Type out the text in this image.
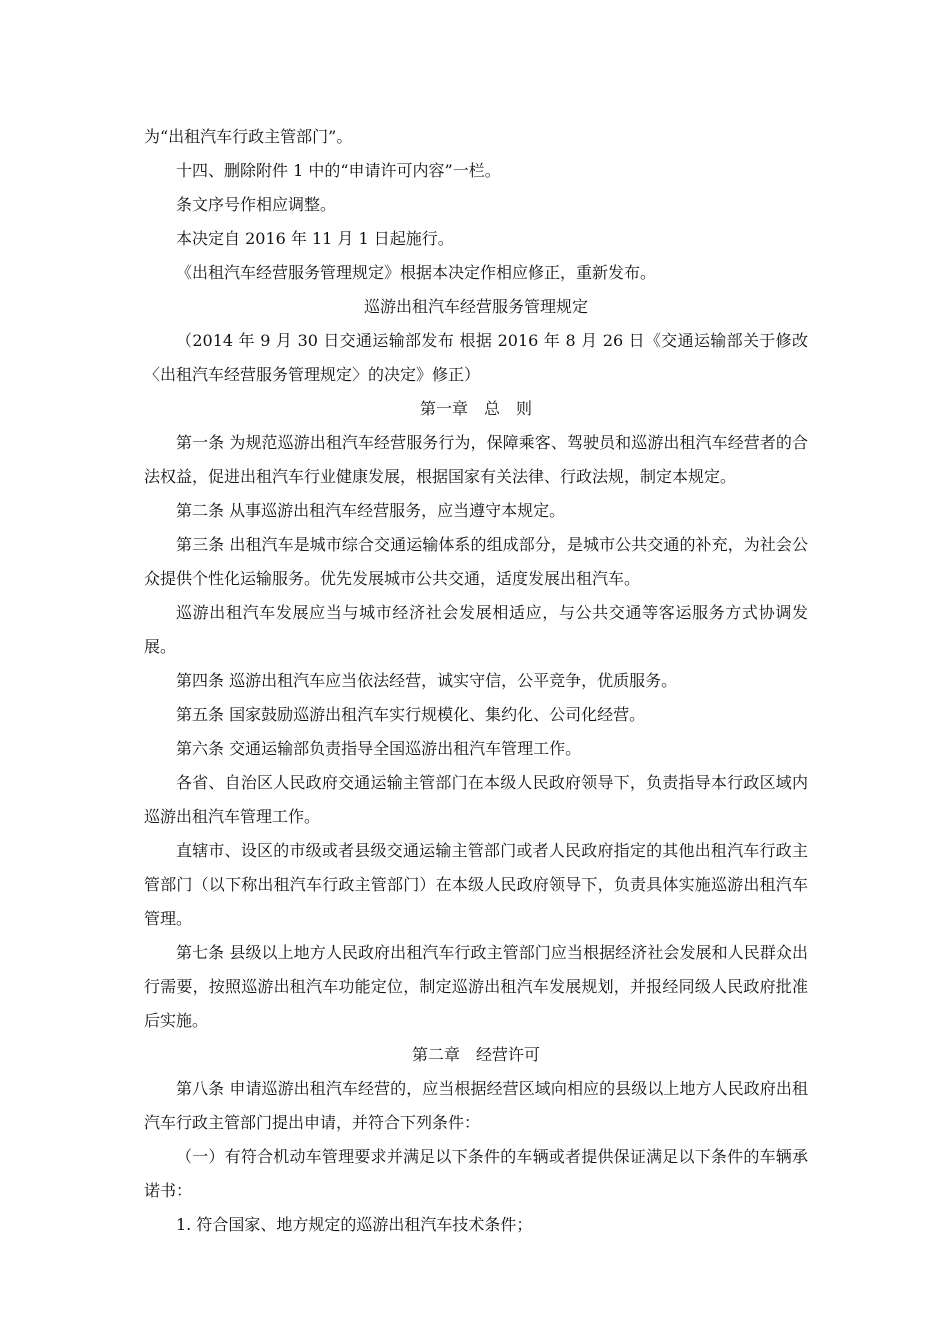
为“出租汽车行政主管部门”。

十四、删除附件 1 中的“申请许可内容”一栏。

条文序号作相应调整。

本决定自 2016 年 11 月 1 日起施行。

《出租汽车经营服务管理规定》根据本决定作相应修正，重新发布。

巡游出租汽车经营服务管理规定

（2014 年 9 月 30 日交通运输部发布 根据 2016 年 8 月 26 日《交通运输部关于修改〈出租汽车经营服务管理规定〉的决定》修正）

第一章　总　则

第一条 为规范巡游出租汽车经营服务行为，保障乘客、驾驶员和巡游出租汽车经营者的合法权益，促进出租汽车行业健康发展，根据国家有关法律、行政法规，制定本规定。

第二条 从事巡游出租汽车经营服务，应当遵守本规定。

第三条 出租汽车是城市综合交通运输体系的组成部分，是城市公共交通的补充，为社会公众提供个性化运输服务。优先发展城市公共交通，适度发展出租汽车。

巡游出租汽车发展应当与城市经济社会发展相适应，与公共交通等客运服务方式协调发展。

第四条 巡游出租汽车应当依法经营，诚实守信，公平竞争，优质服务。

第五条 国家鼓励巡游出租汽车实行规模化、集约化、公司化经营。

第六条 交通运输部负责指导全国巡游出租汽车管理工作。

各省、自治区人民政府交通运输主管部门在本级人民政府领导下，负责指导本行政区域内巡游出租汽车管理工作。

直辖市、设区的市级或者县级交通运输主管部门或者人民政府指定的其他出租汽车行政主管部门（以下称出租汽车行政主管部门）在本级人民政府领导下，负责具体实施巡游出租汽车管理。

第七条 县级以上地方人民政府出租汽车行政主管部门应当根据经济社会发展和人民群众出行需要，按照巡游出租汽车功能定位，制定巡游出租汽车发展规划，并报经同级人民政府批准后实施。

第二章　经营许可

第八条 申请巡游出租汽车经营的，应当根据经营区域向相应的县级以上地方人民政府出租汽车行政主管部门提出申请，并符合下列条件：

（一）有符合机动车管理要求并满足以下条件的车辆或者提供保证满足以下条件的车辆承诺书：

1. 符合国家、地方规定的巡游出租汽车技术条件；
